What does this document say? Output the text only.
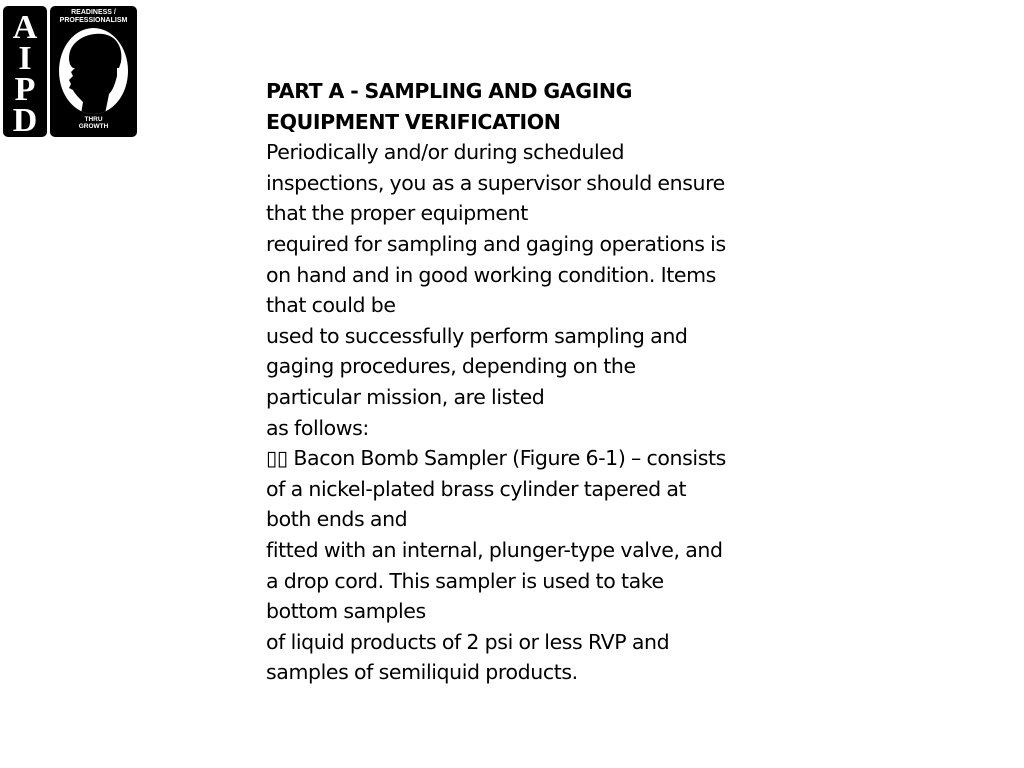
A
I
P
D
READINESS /
PROFESSIONALISM
THRU
GROWTH
PART A - SAMPLING AND GAGING
EQUIPMENT VERIFICATION
Periodically and/or during scheduled
inspections, you as a supervisor should ensure
that the proper equipment
required for sampling and gaging operations is
on hand and in good working condition. Items
that could be
used to successfully perform sampling and
gaging procedures, depending on the
particular mission, are listed
as follows:
▯▯ Bacon Bomb Sampler (Figure 6-1) – consists
of a nickel-plated brass cylinder tapered at
both ends and
fitted with an internal, plunger-type valve, and
a drop cord. This sampler is used to take
bottom samples
of liquid products of 2 psi or less RVP and
samples of semiliquid products.
